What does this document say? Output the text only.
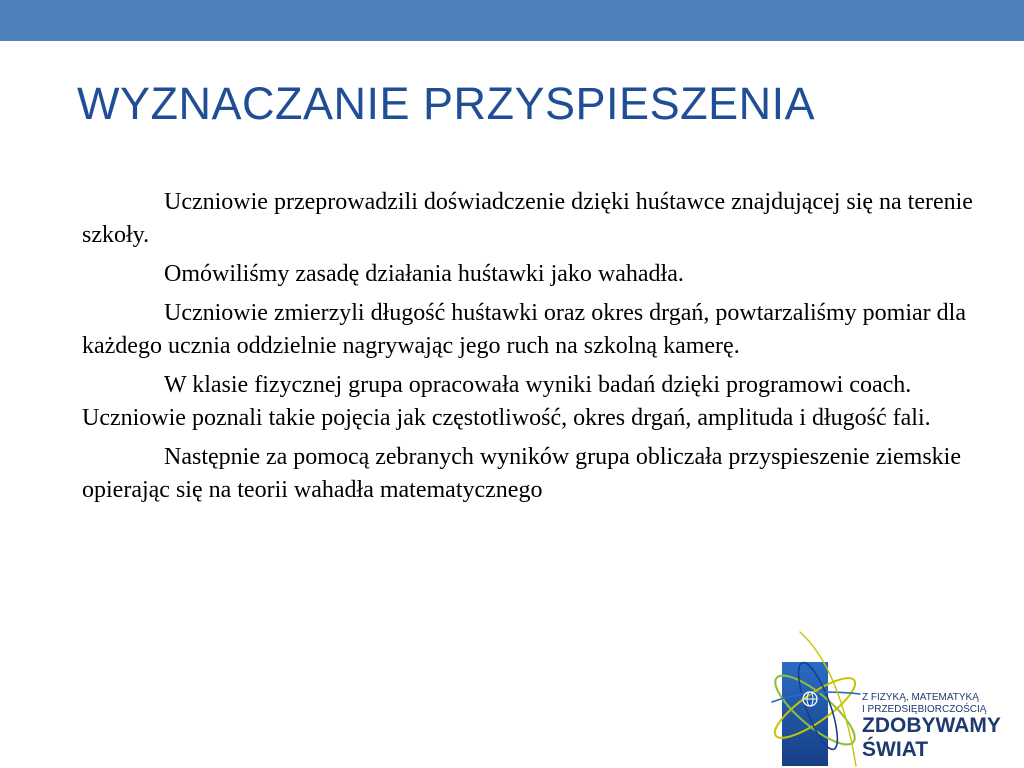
WYZNACZANIE PRZYSPIESZENIA

Uczniowie przeprowadzili doświadczenie dzięki huśtawce znajdującej się na terenie szkoły.

Omówiliśmy zasadę działania huśtawki jako wahadła.

Uczniowie zmierzyli długość huśtawki oraz okres drgań, powtarzaliśmy pomiar dla każdego ucznia oddzielnie nagrywając jego ruch na szkolną kamerę.

W klasie fizycznej grupa opracowała wyniki badań dzięki programowi coach. Uczniowie poznali takie pojęcia jak częstotliwość, okres drgań, amplituda i długość fali.

Następnie za pomocą zebranych wyników grupa obliczała przyspieszenie ziemskie opierając się na teorii wahadła matematycznego

Z FIZYKĄ, MATEMATYKĄ
I PRZEDSIĘBIORCZOŚCIĄ
ZDOBYWAMY
ŚWIAT
